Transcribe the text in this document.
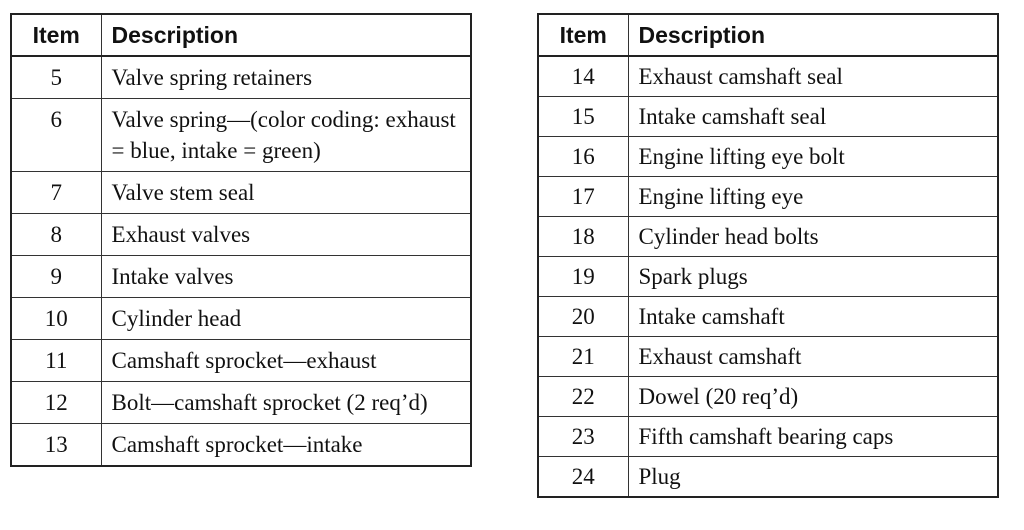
Item	Description
5	Valve spring retainers
6	Valve spring—(color coding: exhaust = blue, intake = green)
7	Valve stem seal
8	Exhaust valves
9	Intake valves
10	Cylinder head
11	Camshaft sprocket—exhaust
12	Bolt—camshaft sprocket (2 req’d)
13	Camshaft sprocket—intake
Item	Description
14	Exhaust camshaft seal
15	Intake camshaft seal
16	Engine lifting eye bolt
17	Engine lifting eye
18	Cylinder head bolts
19	Spark plugs
20	Intake camshaft
21	Exhaust camshaft
22	Dowel (20 req’d)
23	Fifth camshaft bearing caps
24	Plug
